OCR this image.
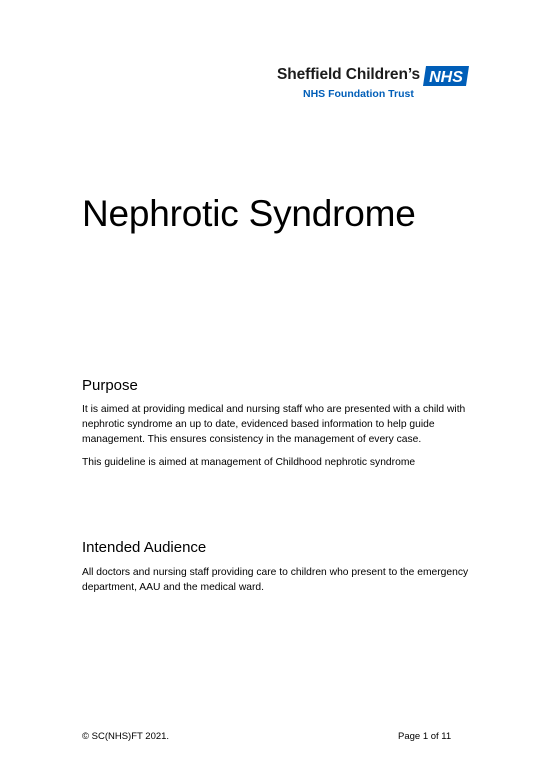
Sheffield Children’s NHS
NHS Foundation Trust
Nephrotic Syndrome
Purpose

It is aimed at providing medical and nursing staff who are presented with a child with nephrotic syndrome an up to date, evidenced based information to help guide management. This ensures consistency in the management of every case.

This guideline is aimed at management of Childhood nephrotic syndrome

Intended Audience

All doctors and nursing staff providing care to children who present to the emergency department, AAU and the medical ward.

© SC(NHS)FT 2021.	Page 1 of 11
